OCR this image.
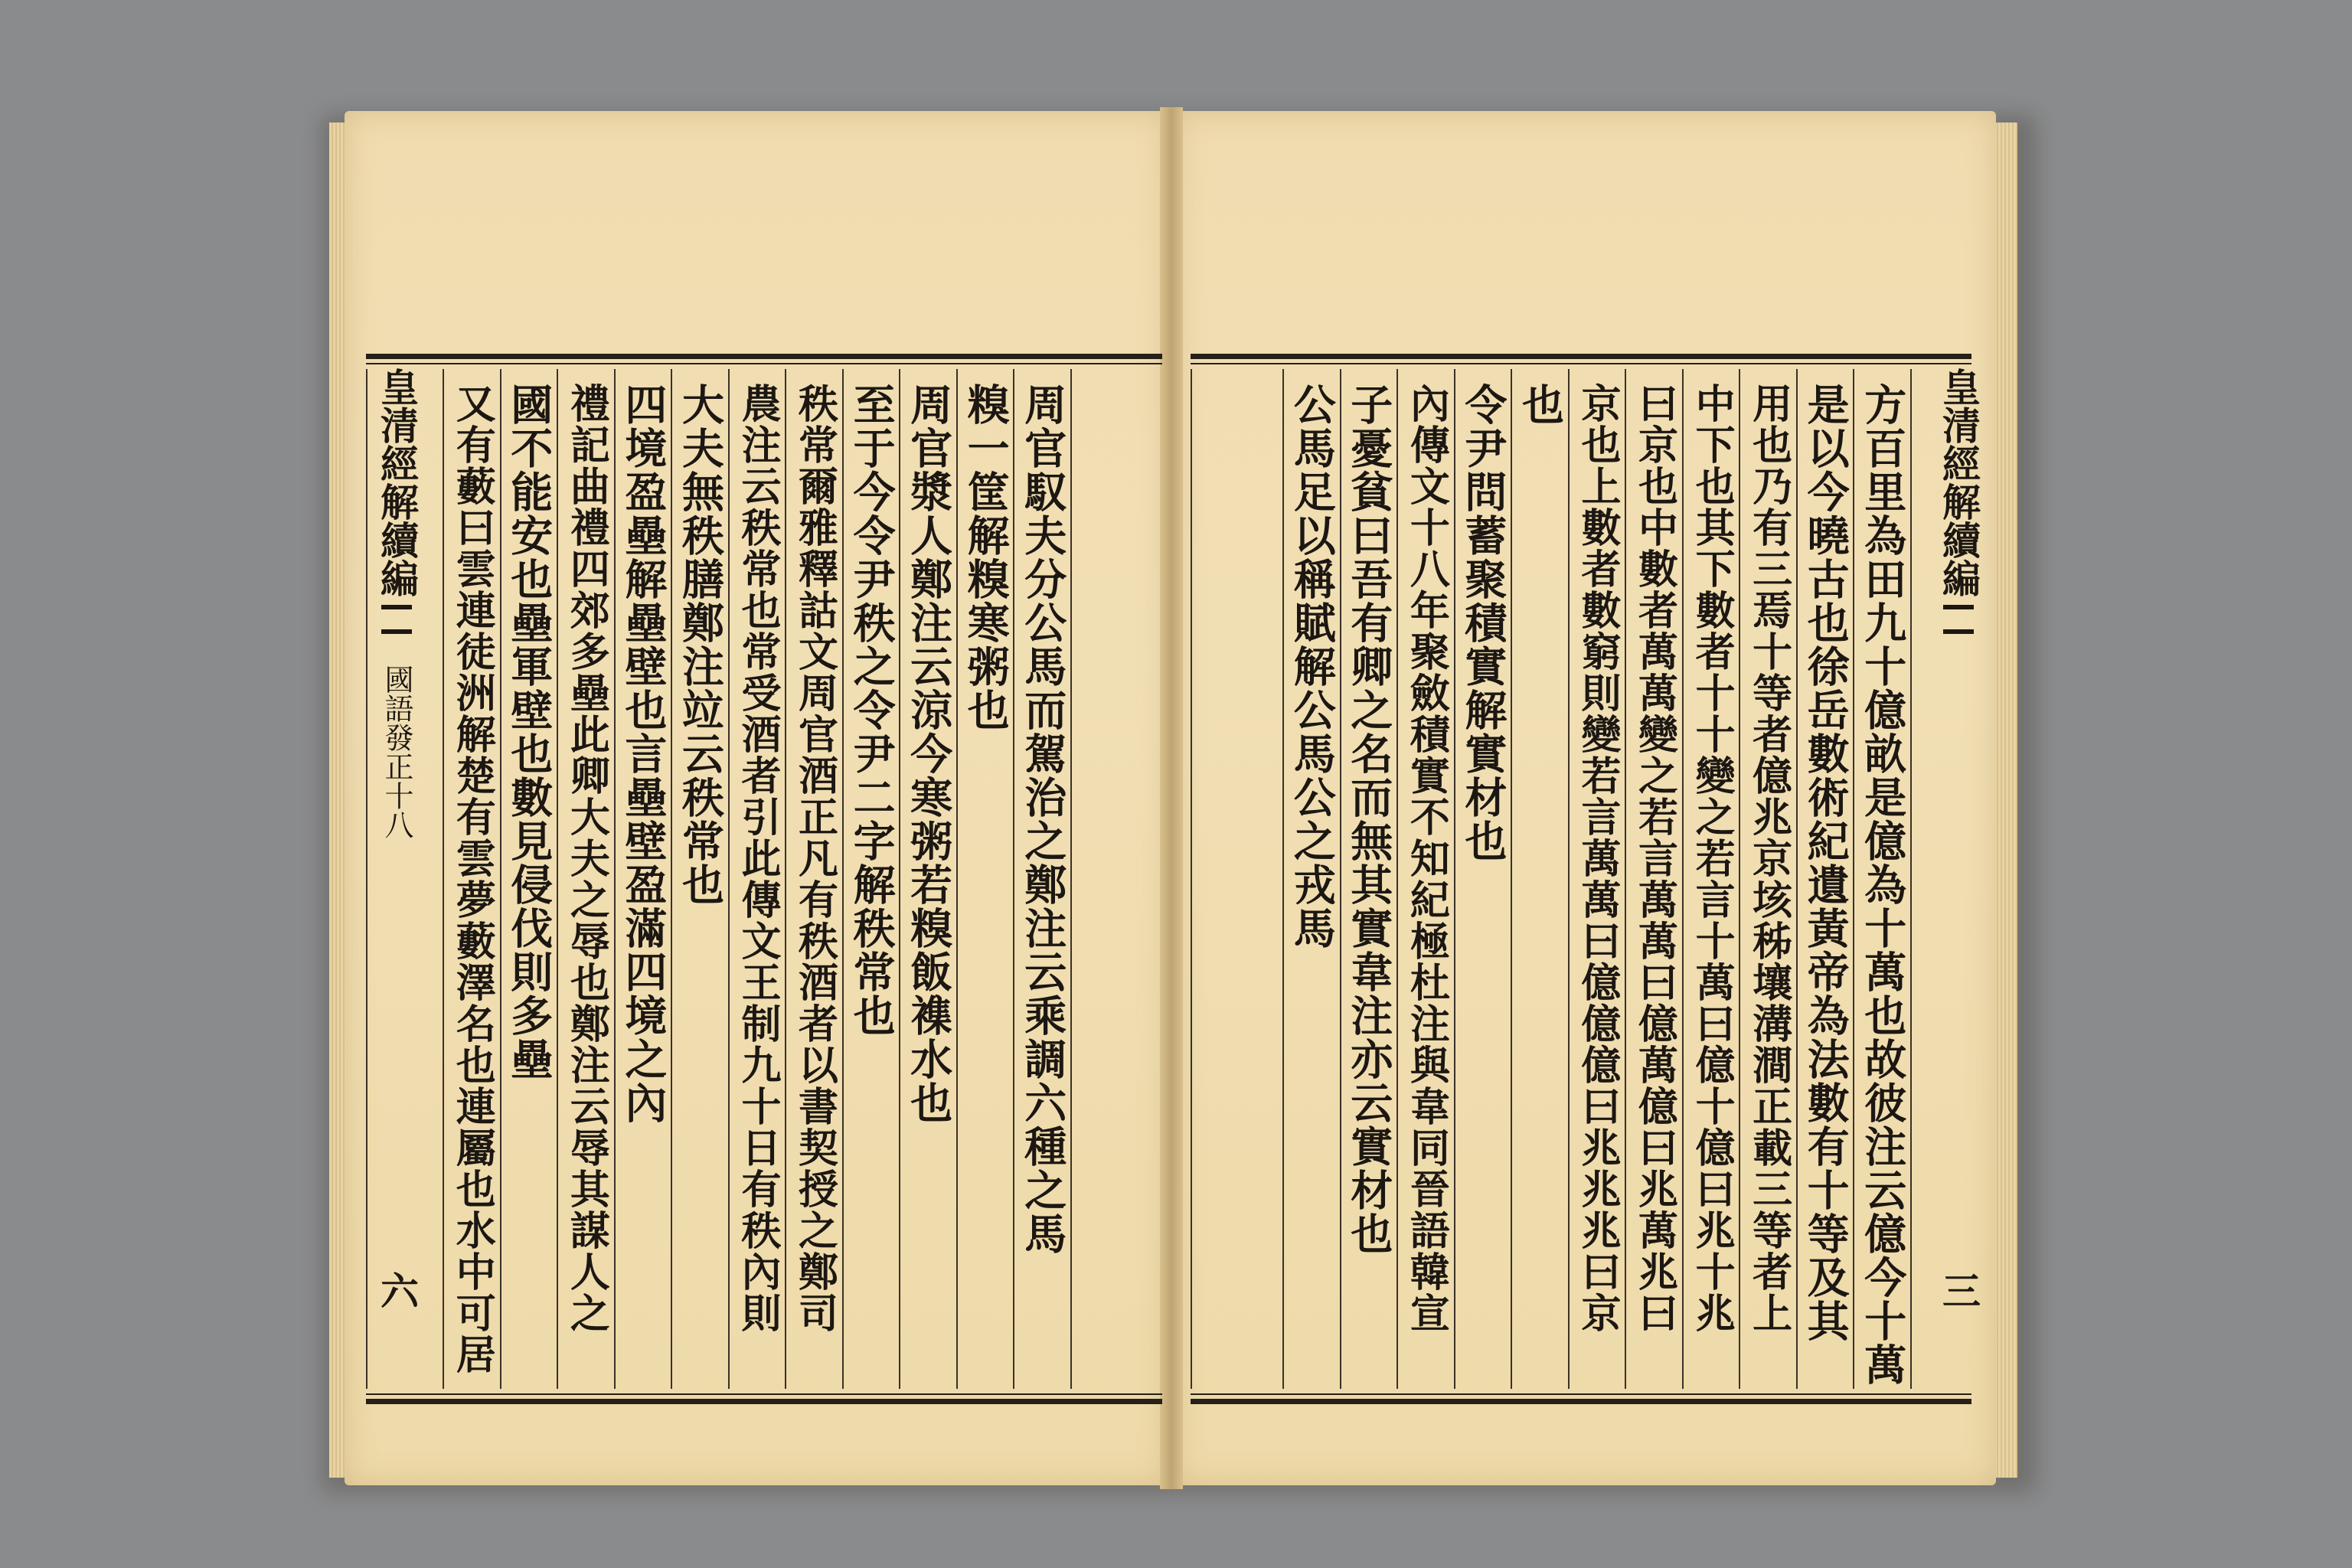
周官馭夫分公馬而駕治之鄭注云乘調六種之馬
糗一筐解糗寒粥也
周官漿人鄭注云涼今寒粥若糗飯襍水也
至于今令尹秩之令尹二字解秩常也
秩常爾雅釋詁文周官酒正凡有秩酒者以書契授之鄭司
農注云秩常也常受酒者引此傳文王制九十日有秩內則
大夫無秩膳鄭注竝云秩常也
四境盈壘解壘壁也言壘壁盈滿四境之內
禮記曲禮四郊多壘此卿大夫之辱也鄭注云辱其謀人之
國不能安也壘軍壁也數見侵伐則多壘
又有藪曰雲連徒洲解楚有雲夢藪澤名也連屬也水中可居
皇清經解續編
國語發正十八
六	方百里為田九十億畝是億為十萬也故彼注云億今十萬
是以今曉古也徐岳數術紀遺黃帝為法數有十等及其
用也乃有三焉十等者億兆京垓秭壤溝澗正載三等者上
中下也其下數者十十變之若言十萬曰億十億曰兆十兆
曰京也中數者萬萬變之若言萬萬曰億萬億曰兆萬兆曰
京也上數者數窮則變若言萬萬曰億億億曰兆兆兆曰京
也
令尹問蓄聚積實解實材也
內傳文十八年聚斂積實不知紀極杜注與韋同晉語韓宣
子憂貧曰吾有卿之名而無其實韋注亦云實材也
公馬足以稱賦解公馬公之戎馬	皇清經解續編
三
